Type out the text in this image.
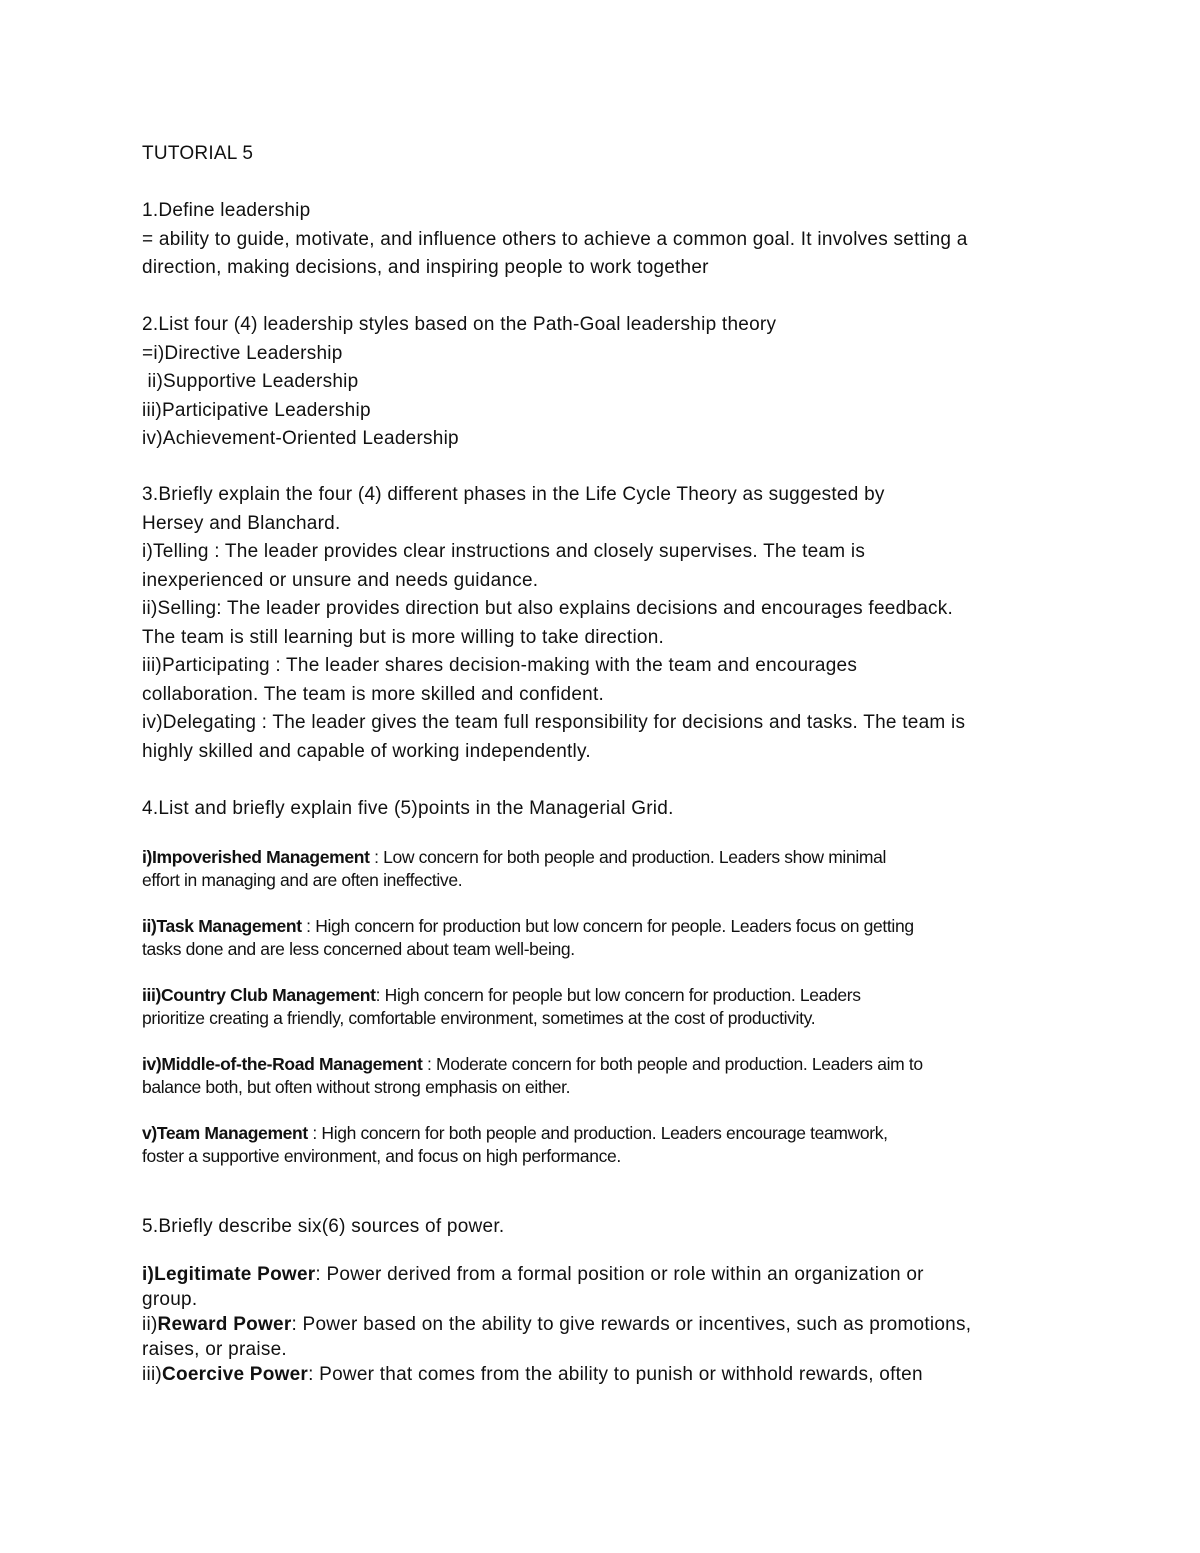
TUTORIAL 5
1.Define leadership
= ability to guide, motivate, and influence others to achieve a common goal. It involves setting a
direction, making decisions, and inspiring people to work together
2.List four (4) leadership styles based on the Path-Goal leadership theory
=i)Directive Leadership
ii)Supportive Leadership
iii)Participative Leadership
iv)Achievement-Oriented Leadership
3.Briefly explain the four (4) different phases in the Life Cycle Theory as suggested by
Hersey and Blanchard.
i)Telling : The leader provides clear instructions and closely supervises. The team is
inexperienced or unsure and needs guidance.
ii)Selling: The leader provides direction but also explains decisions and encourages feedback.
The team is still learning but is more willing to take direction.
iii)Participating : The leader shares decision-making with the team and encourages
collaboration. The team is more skilled and confident.
iv)Delegating : The leader gives the team full responsibility for decisions and tasks. The team is
highly skilled and capable of working independently.
4.List and briefly explain five (5)points in the Managerial Grid.
i)Impoverished Management : Low concern for both people and production. Leaders show minimal
effort in managing and are often ineffective.
ii)Task Management : High concern for production but low concern for people. Leaders focus on getting
tasks done and are less concerned about team well-being.
iii)Country Club Management: High concern for people but low concern for production. Leaders
prioritize creating a friendly, comfortable environment, sometimes at the cost of productivity.
iv)Middle-of-the-Road Management : Moderate concern for both people and production. Leaders aim to
balance both, but often without strong emphasis on either.
v)Team Management : High concern for both people and production. Leaders encourage teamwork,
foster a supportive environment, and focus on high performance.
5.Briefly describe six(6) sources of power.
i)Legitimate Power: Power derived from a formal position or role within an organization or
group.
ii)Reward Power: Power based on the ability to give rewards or incentives, such as promotions,
raises, or praise.
iii)Coercive Power: Power that comes from the ability to punish or withhold rewards, often
